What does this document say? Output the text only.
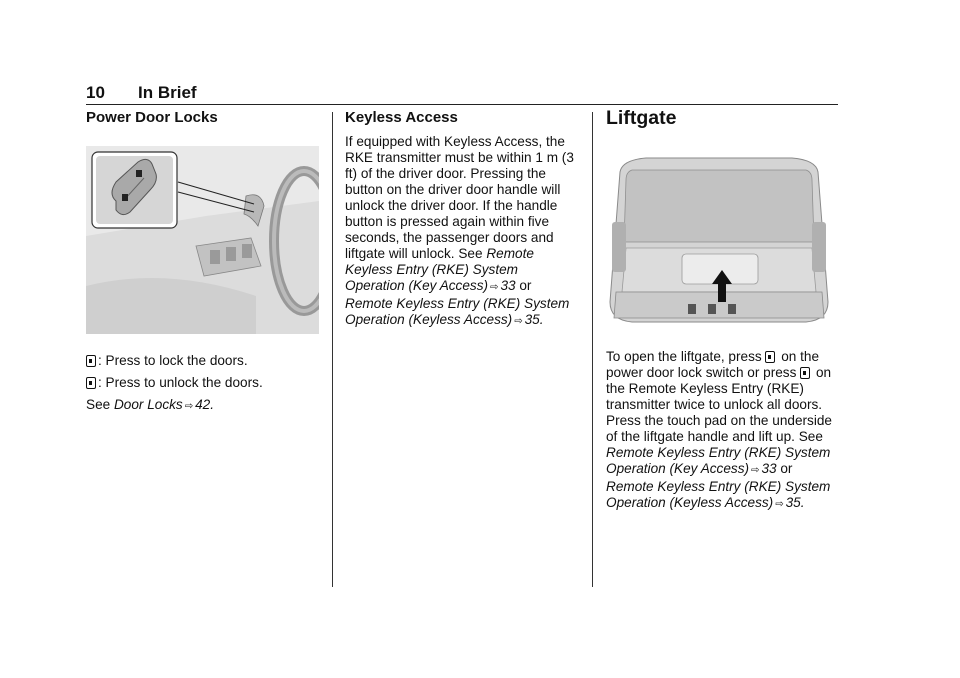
10 In Brief
Power Door Locks

: Press to lock the doors.

: Press to unlock the doors.

See Door Locks ⇨ 42.

Keyless Access

If equipped with Keyless Access, the RKE transmitter must be within 1 m (3 ft) of the driver door. Pressing the button on the driver door handle will unlock the driver door. If the handle button is pressed again within five seconds, the passenger doors and liftgate will unlock. See Remote Keyless Entry (RKE) System Operation (Key Access) ⇨ 33 or Remote Keyless Entry (RKE) System Operation (Keyless Access) ⇨ 35.

Liftgate

To open the liftgate, press on the power door lock switch or press on the Remote Keyless Entry (RKE) transmitter twice to unlock all doors. Press the touch pad on the underside of the liftgate handle and lift up. See Remote Keyless Entry (RKE) System Operation (Key Access) ⇨ 33 or Remote Keyless Entry (RKE) System Operation (Keyless Access) ⇨ 35.
